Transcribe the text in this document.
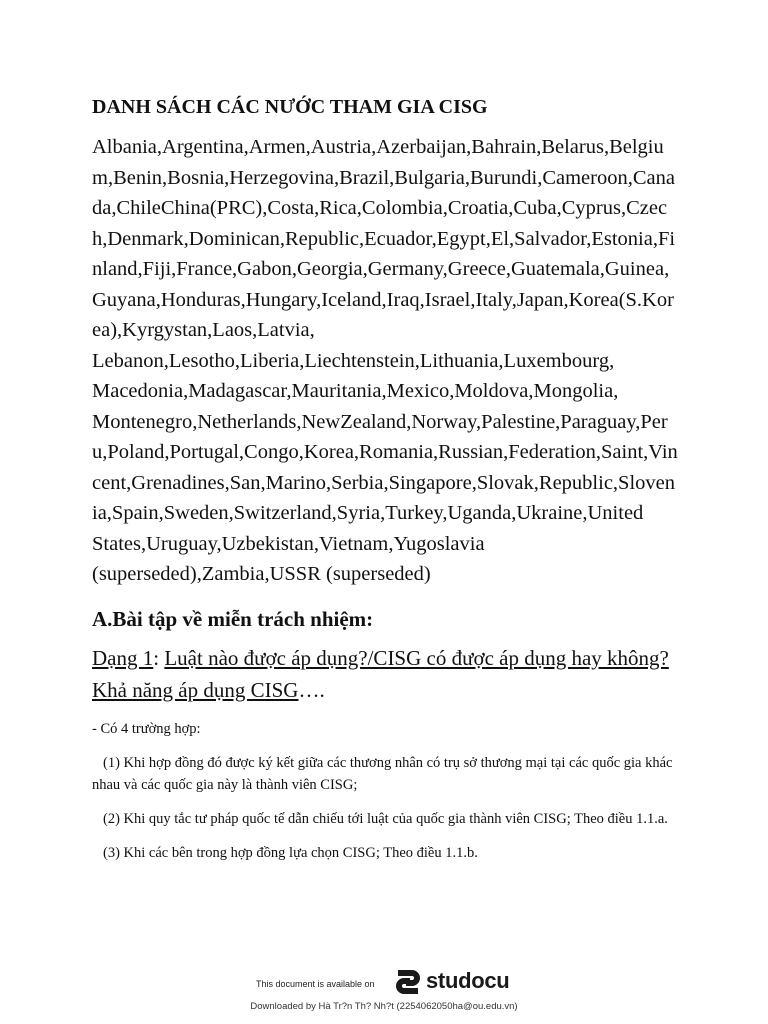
DANH SÁCH CÁC NƯỚC THAM GIA CISG

Albania,Argentina,Armen,Austria,Azerbaijan,Bahrain,Belarus,Belgium,Benin,Bosnia,Herzegovina,Brazil,Bulgaria,Burundi,Cameroon,Canada,ChileChina(PRC),Costa,Rica,Colombia,Croatia,Cuba,Cyprus,Czech,Denmark,Dominican,Republic,Ecuador,Egypt,El,Salvador,Estonia,Finland,Fiji,France,Gabon,Georgia,Germany,Greece,Guatemala,Guinea,Guyana,Honduras,Hungary,Iceland,Iraq,Israel,Italy,Japan,Korea(S.Korea),Kyrgystan,Laos,Latvia,
Lebanon,Lesotho,Liberia,Liechtenstein,Lithuania,Luxembourg,
Macedonia,Madagascar,Mauritania,Mexico,Moldova,Mongolia,
Montenegro,Netherlands,NewZealand,Norway,Palestine,Paraguay,Peru,Poland,Portugal,Congo,Korea,Romania,Russian,Federation,Saint,Vincent,Grenadines,San,Marino,Serbia,Singapore,Slovak,Republic,Slovenia,Spain,Sweden,Switzerland,Syria,Turkey,Uganda,Ukraine,United
States,Uruguay,Uzbekistan,Vietnam,Yugoslavia
(superseded),Zambia,USSR (superseded)

A.Bài tập về miễn trách nhiệm:

Dạng 1: Luật nào được áp dụng?/CISG có được áp dụng hay không?Khả năng áp dụng CISG….

- Có 4 trường hợp:

(1) Khi hợp đồng đó được ký kết giữa các thương nhân có trụ sở thương mại tại các quốc gia khác nhau và các quốc gia này là thành viên CISG;

(2) Khi quy tắc tư pháp quốc tế dẫn chiếu tới luật của quốc gia thành viên CISG; Theo điều 1.1.a.

(3) Khi các bên trong hợp đồng lựa chọn CISG; Theo điều 1.1.b.

This document is available on studocu
Downloaded by Hà Tr?n Th? Nh?t (2254062050ha@ou.edu.vn)
